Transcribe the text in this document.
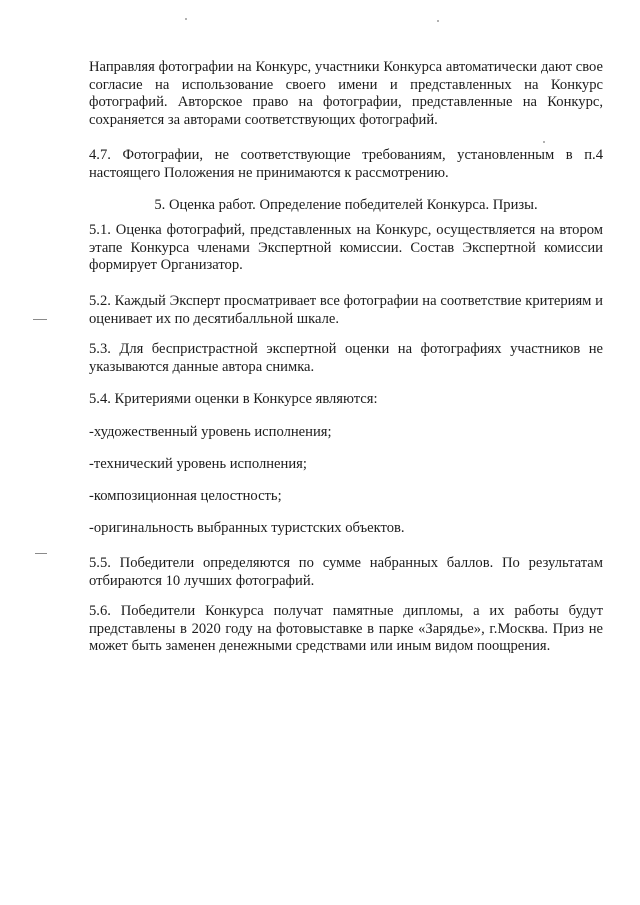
Направляя фотографии на Конкурс, участники Конкурса автоматически дают свое согласие на использование своего имени и представленных на Конкурс фотографий. Авторское право на фотографии, представленные на Конкурс, сохраняется за авторами соответствующих фотографий.

4.7. Фотографии, не соответствующие требованиям, установленным в п.4 настоящего Положения не принимаются к рассмотрению.

5. Оценка работ. Определение победителей Конкурса. Призы.

5.1. Оценка фотографий, представленных на Конкурс, осуществляется на втором этапе Конкурса членами Экспертной комиссии. Состав Экспертной комиссии формирует Организатор.

5.2. Каждый Эксперт просматривает все фотографии на соответствие критериям и оценивает их по десятибалльной шкале.

5.3. Для беспристрастной экспертной оценки на фотографиях участников не указываются данные автора снимка.

5.4. Критериями оценки в Конкурсе являются:

-художественный уровень исполнения;

-технический уровень исполнения;

-композиционная целостность;

-оригинальность выбранных туристских объектов.

5.5. Победители определяются по сумме набранных баллов. По результатам отбираются 10 лучших фотографий.

5.6. Победители Конкурса получат памятные дипломы, а их работы будут представлены в 2020 году на фотовыставке в парке «Зарядье», г.Москва. Приз не может быть заменен денежными средствами или иным видом поощрения.
